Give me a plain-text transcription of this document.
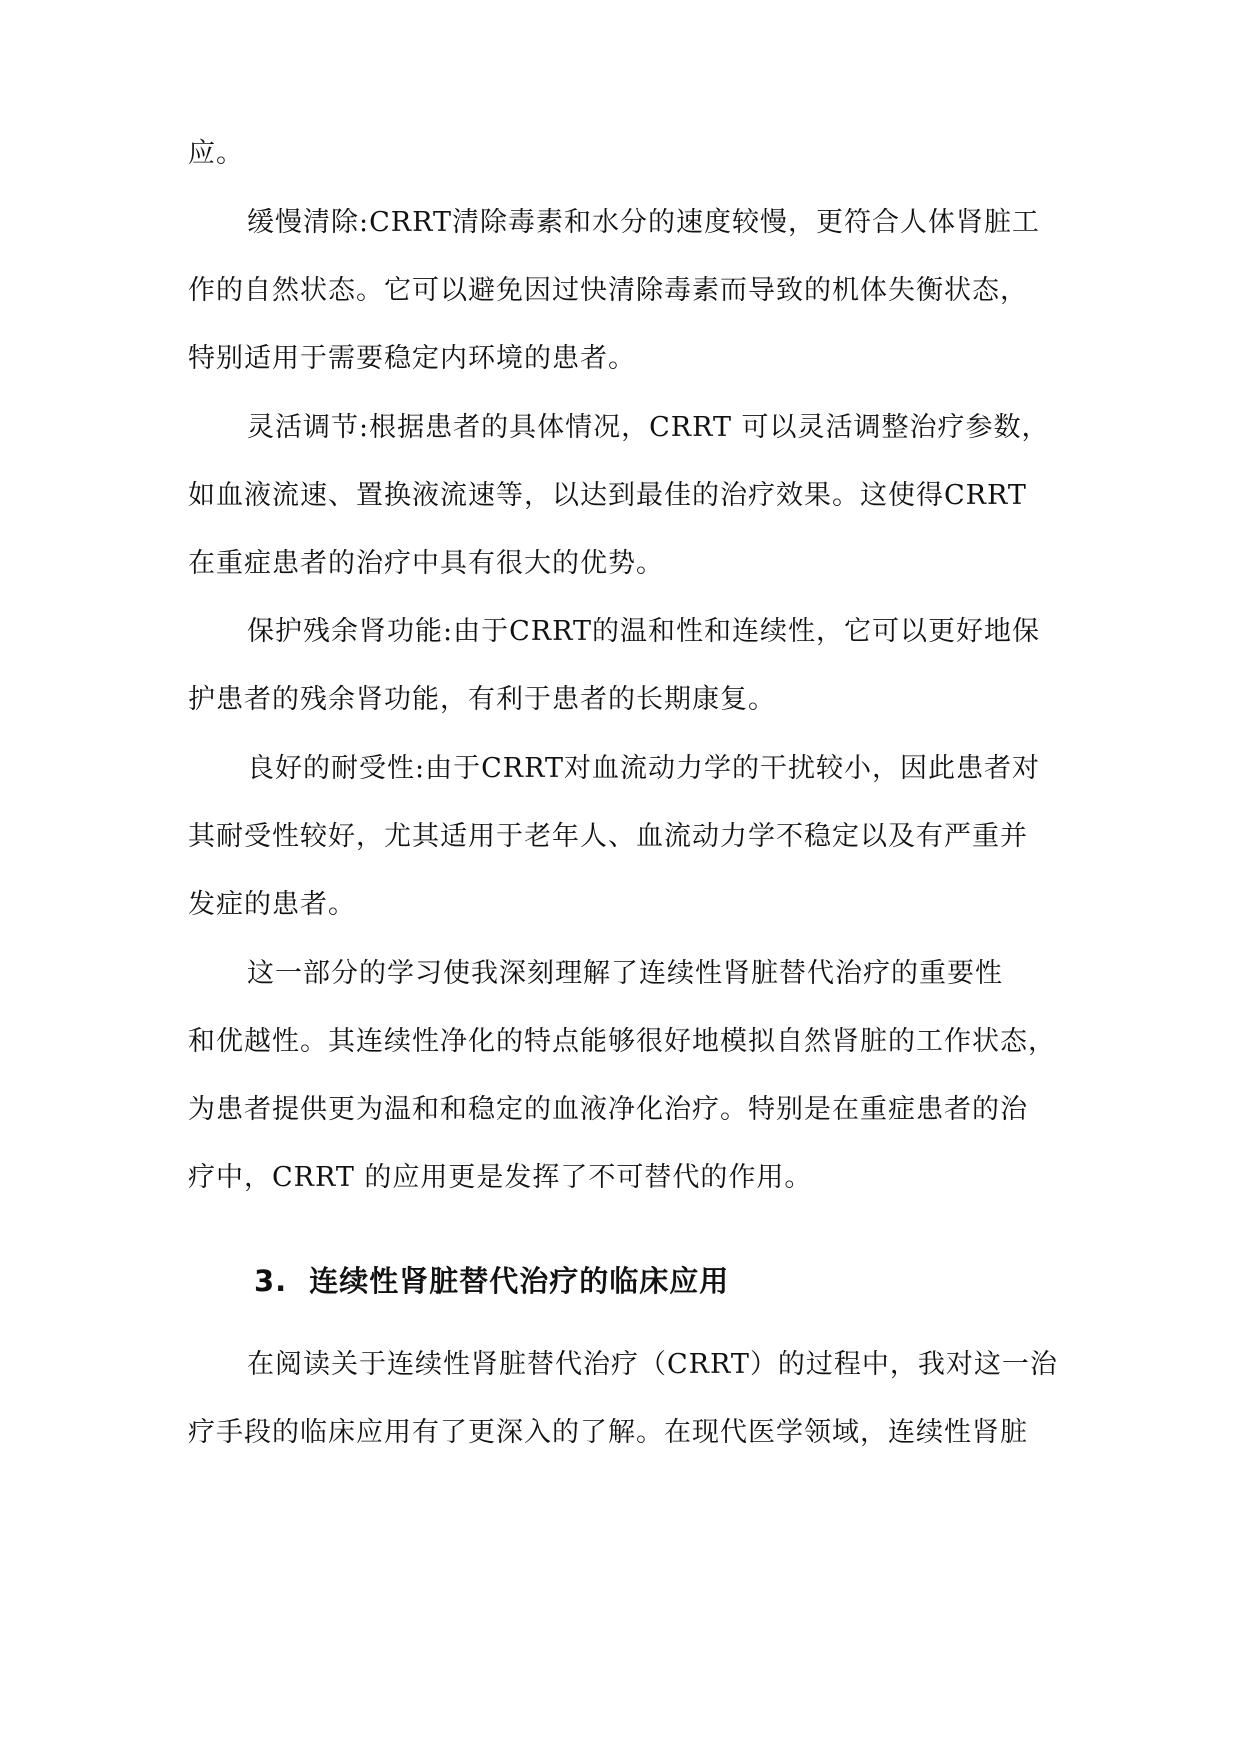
应。
缓慢清除:CRRT清除毒素和水分的速度较慢，更符合人体肾脏工
作的自然状态。它可以避免因过快清除毒素而导致的机体失衡状态，
特别适用于需要稳定内环境的患者。
灵活调节:根据患者的具体情况，CRRT 可以灵活调整治疗参数，
如血液流速、置换液流速等，以达到最佳的治疗效果。这使得CRRT
在重症患者的治疗中具有很大的优势。
保护残余肾功能:由于CRRT的温和性和连续性，它可以更好地保
护患者的残余肾功能，有利于患者的长期康复。
良好的耐受性:由于CRRT对血流动力学的干扰较小，因此患者对
其耐受性较好，尤其适用于老年人、血流动力学不稳定以及有严重并
发症的患者。
这一部分的学习使我深刻理解了连续性肾脏替代治疗的重要性
和优越性。其连续性净化的特点能够很好地模拟自然肾脏的工作状态，
为患者提供更为温和和稳定的血液净化治疗。特别是在重症患者的治
疗中，CRRT 的应用更是发挥了不可替代的作用。
3. 连续性肾脏替代治疗的临床应用
在阅读关于连续性肾脏替代治疗（CRRT）的过程中，我对这一治
疗手段的临床应用有了更深入的了解。在现代医学领域，连续性肾脏
